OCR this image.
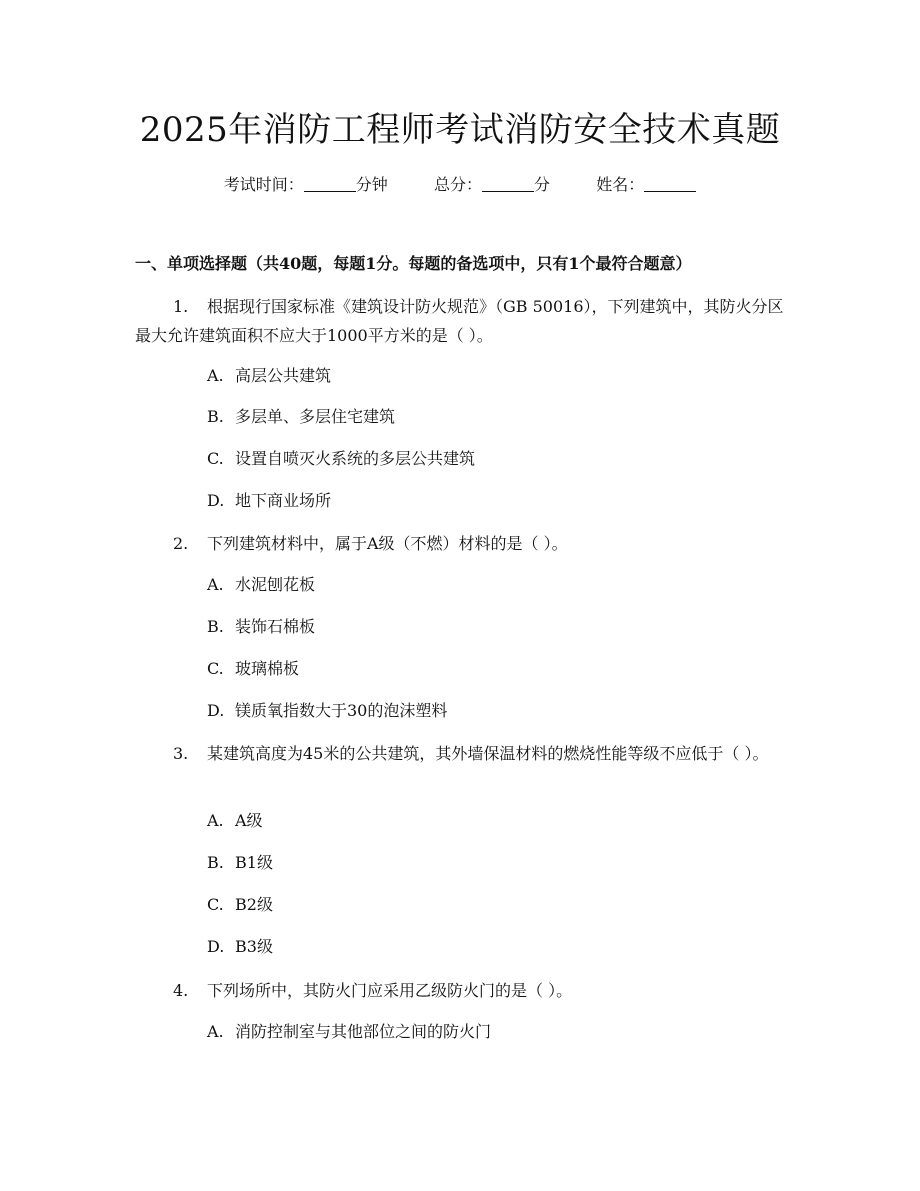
2025年消防工程师考试消防安全技术真题
考试时间：	分钟	总分：	分	姓名：
一、单项选择题（共40题，每题1分。每题的备选项中，只有1个最符合题意）
1. 根据现行国家标准《建筑设计防火规范》（GB 50016），下列建筑中，其防火分区最大允许建筑面积不应大于1000平方米的是（ ）。
A. 高层公共建筑
B. 多层单、多层住宅建筑
C. 设置自喷灭火系统的多层公共建筑
D. 地下商业场所
2. 下列建筑材料中，属于A级（不燃）材料的是（ ）。
A. 水泥刨花板
B. 装饰石棉板
C. 玻璃棉板
D. 镁质氧指数大于30的泡沫塑料
3. 某建筑高度为45米的公共建筑，其外墙保温材料的燃烧性能等级不应低于（ ）。
A. A级
B. B1级
C. B2级
D. B3级
4. 下列场所中，其防火门应采用乙级防火门的是（ ）。
A. 消防控制室与其他部位之间的防火门
